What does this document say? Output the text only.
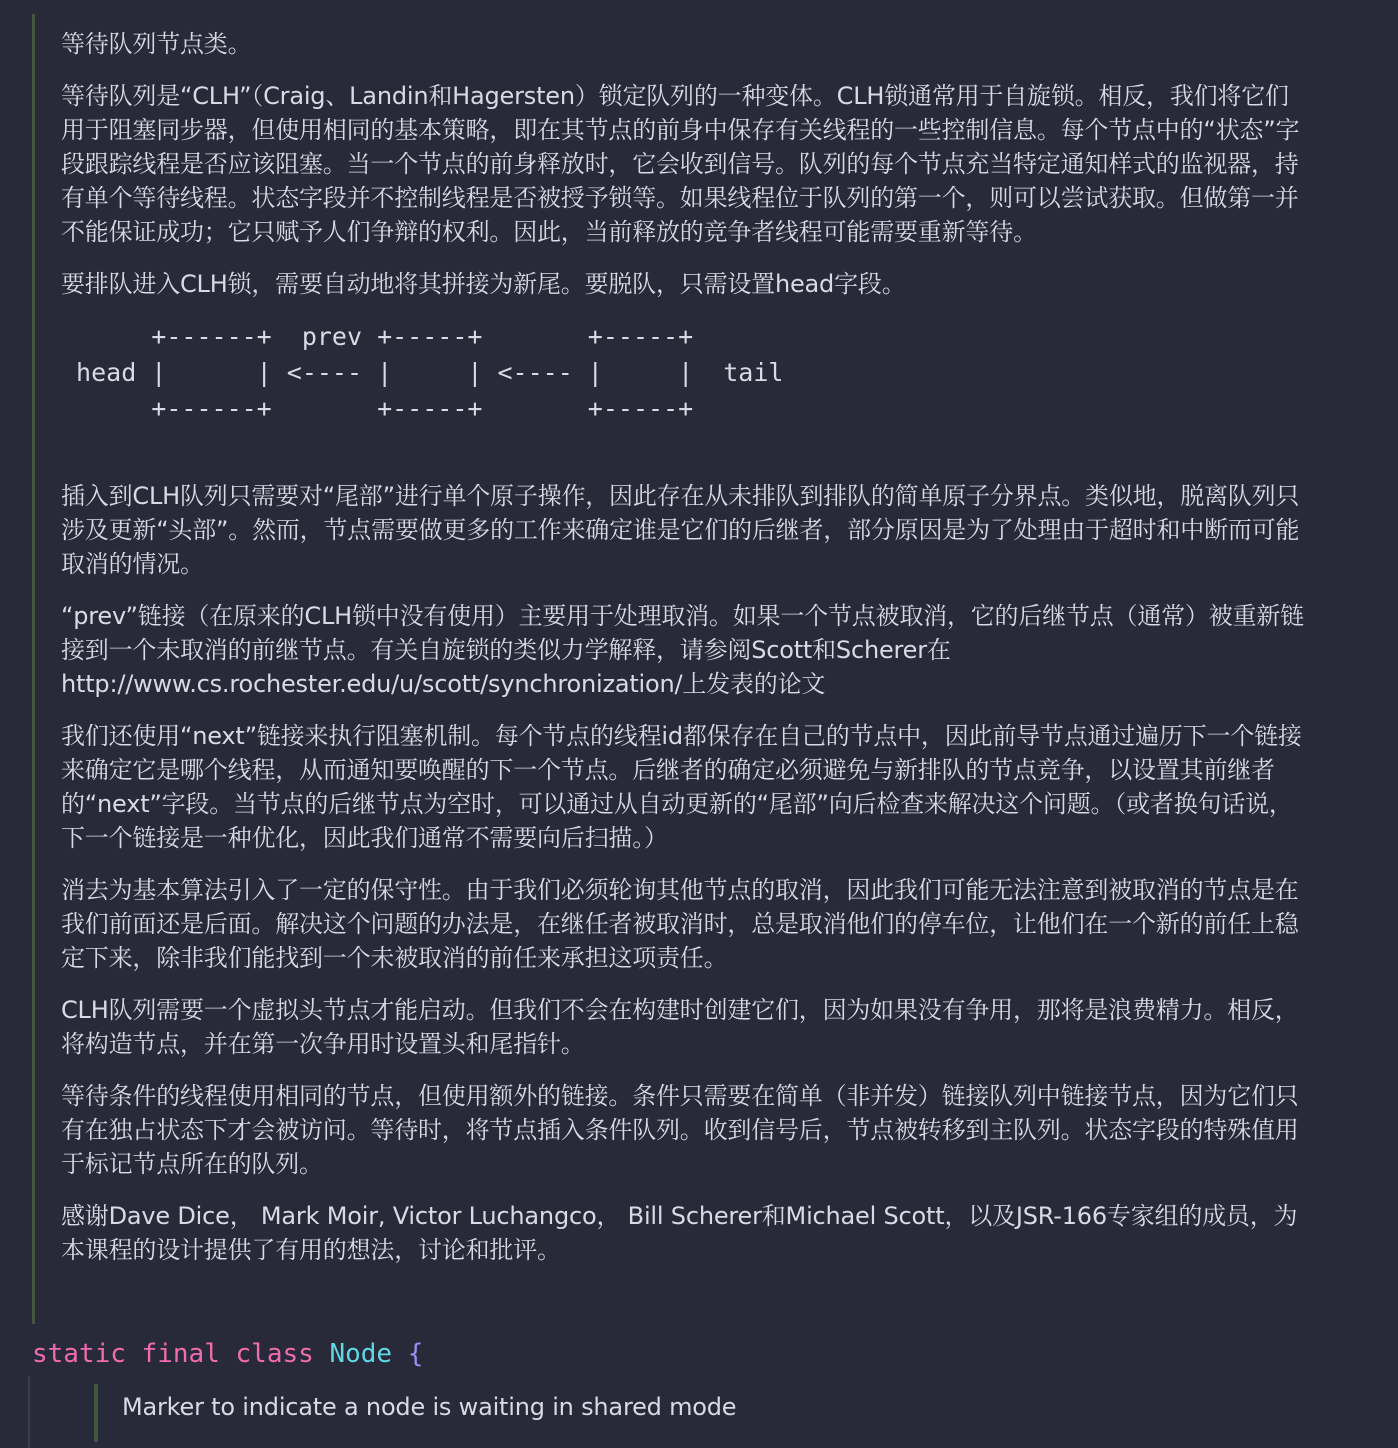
等待队列节点类。

等待队列是“CLH”（Craig、Landin和Hagersten）锁定队列的一种变体。CLH锁通常用于自旋锁。相反，我们将它们用于阻塞同步器，但使用相同的基本策略，即在其节点的前身中保存有关线程的一些控制信息。每个节点中的“状态”字段跟踪线程是否应该阻塞。当一个节点的前身释放时，它会收到信号。队列的每个节点充当特定通知样式的监视器，持有单个等待线程。状态字段并不控制线程是否被授予锁等。如果线程位于队列的第一个，则可以尝试获取。但做第一并不能保证成功；它只赋予人们争辩的权利。因此，当前释放的竞争者线程可能需要重新等待。

要排队进入CLH锁，需要自动地将其拼接为新尾。要脱队，只需设置head字段。

+------+  prev +-----+       +-----+
head |      | <---- |     | <---- |     |  tail
+------+       +-----+       +-----+

插入到CLH队列只需要对“尾部”进行单个原子操作，因此存在从未排队到排队的简单原子分界点。类似地，脱离队列只涉及更新“头部”。然而，节点需要做更多的工作来确定谁是它们的后继者，部分原因是为了处理由于超时和中断而可能取消的情况。

“prev”链接（在原来的CLH锁中没有使用）主要用于处理取消。如果一个节点被取消，它的后继节点（通常）被重新链接到一个未取消的前继节点。有关自旋锁的类似力学解释，请参阅Scott和Scherer在http://www.cs.rochester.edu/u/scott/synchronization/上发表的论文

我们还使用“next”链接来执行阻塞机制。每个节点的线程id都保存在自己的节点中，因此前导节点通过遍历下一个链接来确定它是哪个线程，从而通知要唤醒的下一个节点。后继者的确定必须避免与新排队的节点竞争，以设置其前继者的“next”字段。当节点的后继节点为空时，可以通过从自动更新的“尾部”向后检查来解决这个问题。（或者换句话说，下一个链接是一种优化，因此我们通常不需要向后扫描。）

消去为基本算法引入了一定的保守性。由于我们必须轮询其他节点的取消，因此我们可能无法注意到被取消的节点是在我们前面还是后面。解决这个问题的办法是，在继任者被取消时，总是取消他们的停车位，让他们在一个新的前任上稳定下来，除非我们能找到一个未被取消的前任来承担这项责任。

CLH队列需要一个虚拟头节点才能启动。但我们不会在构建时创建它们，因为如果没有争用，那将是浪费精力。相反，将构造节点，并在第一次争用时设置头和尾指针。

等待条件的线程使用相同的节点，但使用额外的链接。条件只需要在简单（非并发）链接队列中链接节点，因为它们只有在独占状态下才会被访问。等待时，将节点插入条件队列。收到信号后，节点被转移到主队列。状态字段的特殊值用于标记节点所在的队列。

感谢Dave Dice， Mark Moir, Victor Luchangco， Bill Scherer和Michael Scott，以及JSR-166专家组的成员，为本课程的设计提供了有用的想法，讨论和批评。

static final class Node {

Marker to indicate a node is waiting in shared mode
